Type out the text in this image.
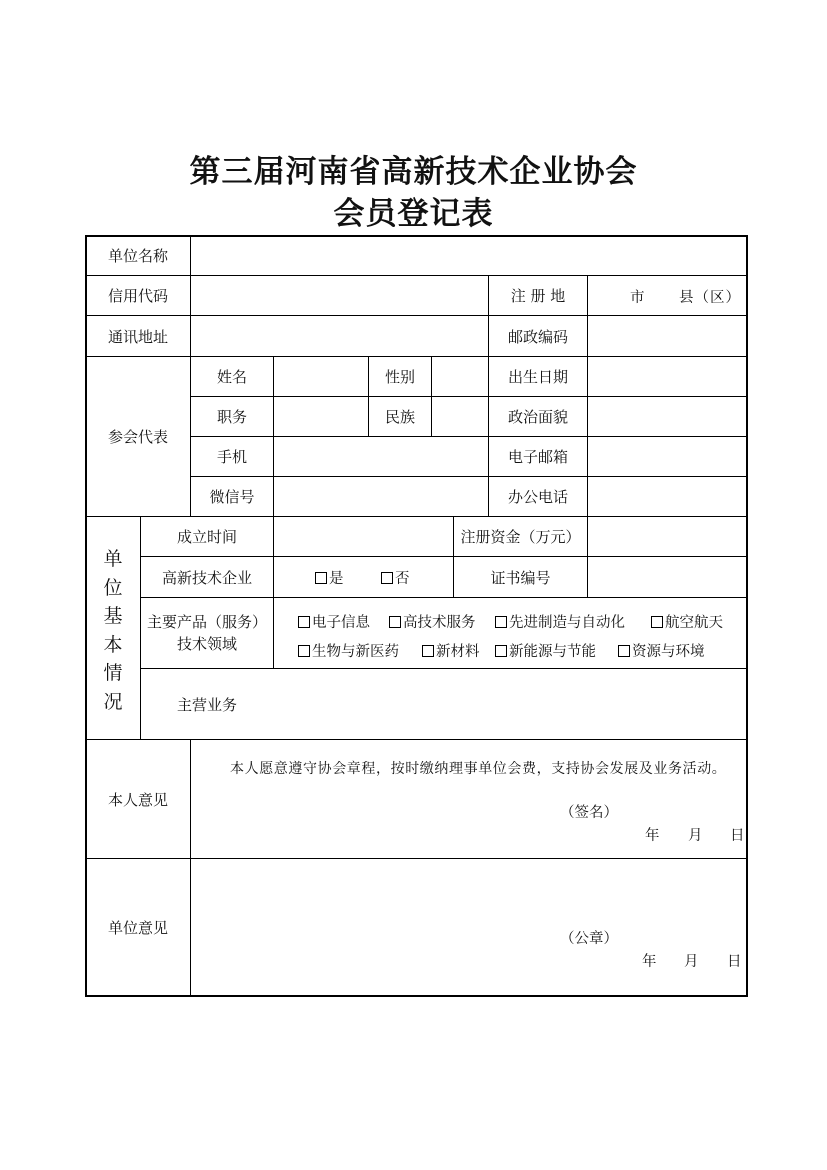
第三届河南省高新技术企业协会
会员登记表
单位名称
信用代码	注 册 地	市 县（区）
通讯地址	邮政编码
参会代表
姓名	性别	出生日期
职务	民族	政治面貌
手机	电子邮箱
微信号	办公电话
单
位
基
本
情
况
成立时间	注册资金（万元）
高新技术企业	是	否	证书编号
主要产品（服务）
技术领域
电子信息	高技术服务	先进制造与自动化	航空航天
生物与新医药	新材料	新能源与节能	资源与环境
主营业务
本人意见
本人愿意遵守协会章程，按时缴纳理事单位会费，支持协会发展及业务活动。
（签名）
年 月 日
单位意见
（公章）
年 月 日
